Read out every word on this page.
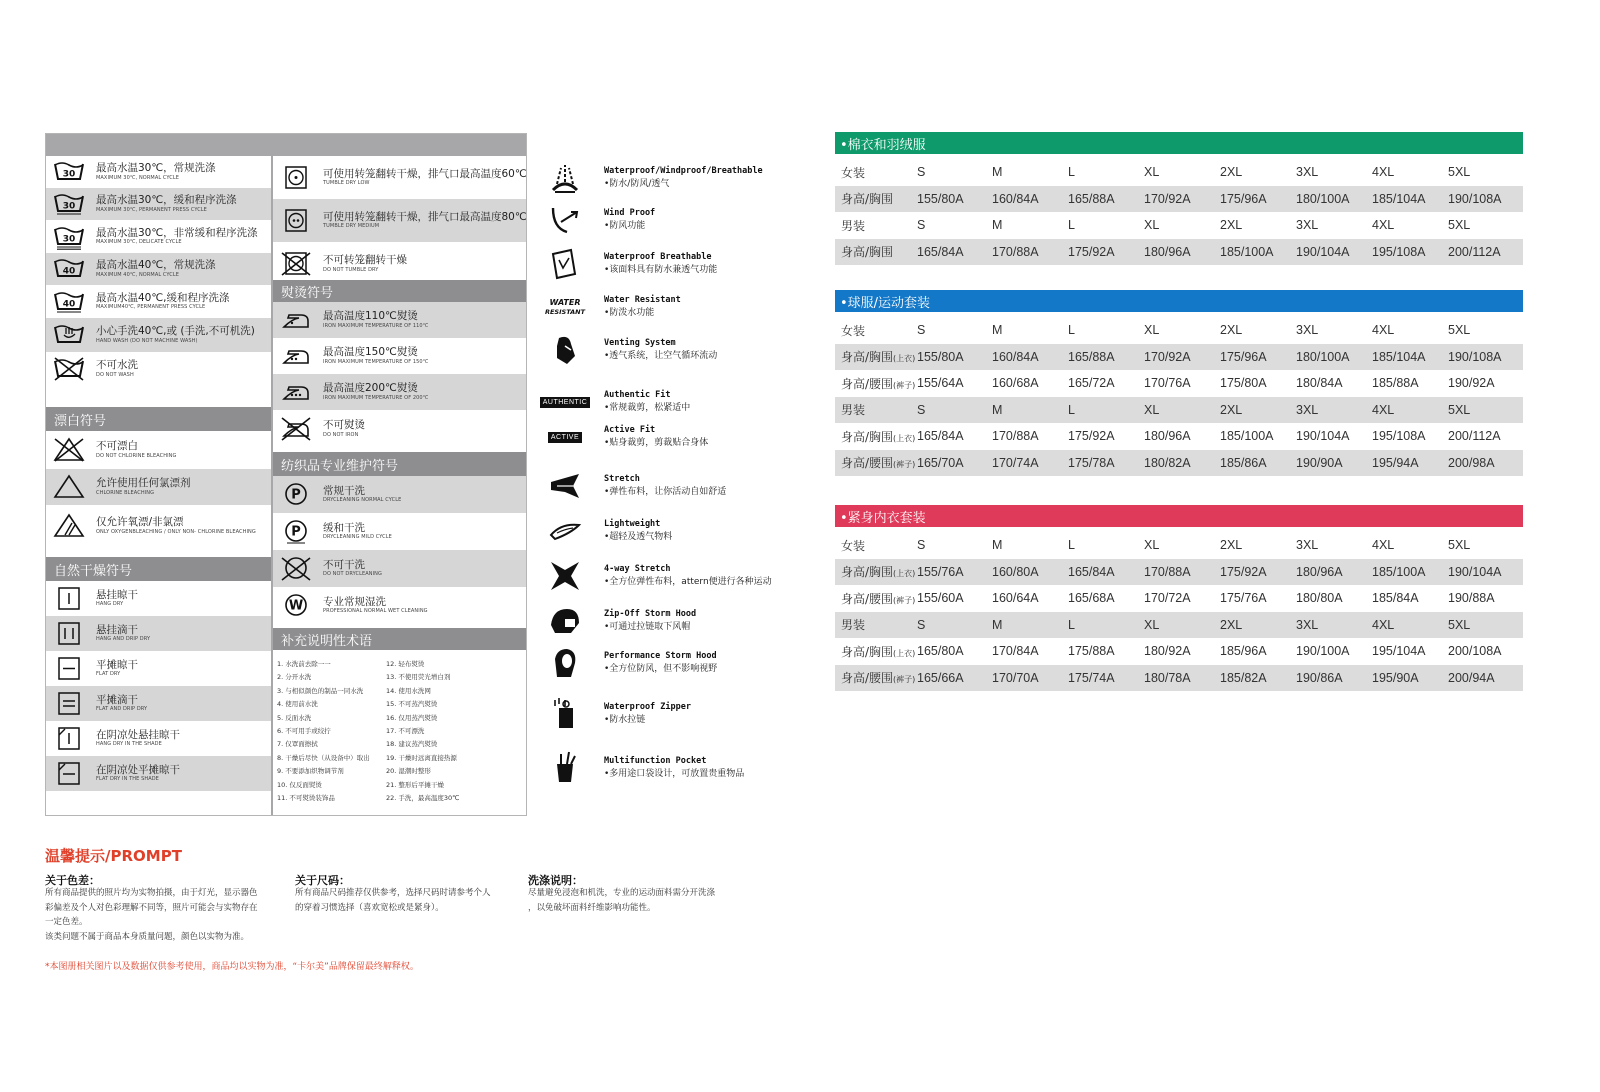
30
最高水温30℃，常规洗涤
MAXIMUM 30℃, NORMAL CYCLE
30
最高水温30℃，缓和程序洗涤
MAXIMUM 30℃, PERMANENT PRESS CYCLE
30
最高水温30℃，非常缓和程序洗涤
MAXIMUM 30℃, DELICATE CYCLE
40
最高水温40℃，常规洗涤
MAXIMUM 40℃, NORMAL CYCLE
40
最高水温40℃,缓和程序洗涤
MAXIMUM40℃, PERMANENT PRESS CYCLE
小心手洗40℃,或 (手洗,不可机洗)
HAND WASH (DO NOT MACHINE WASH)
不可水洗
DO NOT WASH
漂白符号
不可漂白
DO NOT CHLORINE BLEACHING
允许使用任何氯漂剂
CHLORINE BLEACHING
仅允许氧漂/非氯漂
ONLY OXYGENBLEACHING / ONLY NON- CHLORINE BLEACHING
自然干燥符号
悬挂晾干
HANG DRY
悬挂滴干
HANG AND DRIP DRY
平摊晾干
FLAT DRY
平摊滴干
FLAT AND DRIP DRY
在阴凉处悬挂晾干
HANG DRY IN THE SHADE
在阴凉处平摊晾干
FLAT DRY IN THE SHADE
可使用转笼翻转干燥，排气口最高温度60℃
TUMBLE DRY LOW
可使用转笼翻转干燥，排气口最高温度80℃
TUMBLE DRY MEDIUM
不可转笼翻转干燥
DO NOT TUMBLE DRY
熨烫符号
最高温度110℃熨烫
IRON MAXIMUM TEMPERATURE OF 110℃
最高温度150℃熨烫
IRON MAXIMUM TEMPERATURE OF 150℃
最高温度200℃熨烫
IRON MAXIMUM TEMPERATURE OF 200℃
不可熨烫
DO NOT IRON
纺织品专业维护符号
P 常规干洗
DRYCLEANING NORMAL CYCLE
P 缓和干洗
DRYCLEANING MILD CYCLE
不可干洗
DO NOT DRYCLEANING
W 专业常规湿洗
PROFESSIONAL NORMAL WET CLEANING
补充说明性术语
1. 水洗前去除一一
2. 分开水洗
3. 与相似颜色的制品一同水洗
4. 使用前水洗
5. 反面水洗
6. 不可用手或绞拧
7. 仅罩面擦拭
8. 干燥后尽快（从设备中）取出
9. 不要添加织物调节剂
10. 仅反面熨烫
11. 不可熨烫装饰品
12. 轻布熨烫
13. 不使用荧光增白剂
14. 使用水洗网
15. 不可蒸汽熨烫
16. 仅用蒸汽熨烫
17. 不可漂洗
18. 建议蒸汽熨烫
19. 干燥时远离直接热源
20. 湿潮时整形
21. 整形后平摊干燥
22. 手洗，最高温度30℃
Waterproof/Windproof/Breathable
•防水/防风/透气
Wind Proof
•防风功能
Waterproof Breathable
•该面料具有防水兼透气功能
WATER
RESISTANT
Water Resistant
•防泼水功能
Venting System
•透气系统，让空气循环流动
AUTHENTIC
Authentic Fit
•常规裁剪，松紧适中
ACTIVE
Active Fit
•贴身裁剪，剪裁贴合身体
Stretch
•弹性布料，让你活动自如舒适
Lightweight
•超轻及透气物料
4-way Stretch
•全方位弹性布料，attern便进行各种运动
Zip-Off Storm Hood
•可通过拉链取下风帽
Performance Storm Hood
•全方位防风，但不影响视野
Waterproof Zipper
•防水拉链
Multifunction Pocket
•多用途口袋设计，可放置贵重物品
•棉衣和羽绒服
女装	S	M	L	XL	2XL	3XL	4XL	5XL
身高/胸围	155/80A	160/84A	165/88A	170/92A	175/96A	180/100A	185/104A	190/108A
男装	S	M	L	XL	2XL	3XL	4XL	5XL
身高/胸围	165/84A	170/88A	175/92A	180/96A	185/100A	190/104A	195/108A	200/112A
•球服/运动套装
女装	S	M	L	XL	2XL	3XL	4XL	5XL
身高/胸围(上衣)	155/80A	160/84A	165/88A	170/92A	175/96A	180/100A	185/104A	190/108A
身高/腰围(裤子)	155/64A	160/68A	165/72A	170/76A	175/80A	180/84A	185/88A	190/92A
男装	S	M	L	XL	2XL	3XL	4XL	5XL
身高/胸围(上衣)	165/84A	170/88A	175/92A	180/96A	185/100A	190/104A	195/108A	200/112A
身高/腰围(裤子)	165/70A	170/74A	175/78A	180/82A	185/86A	190/90A	195/94A	200/98A
•紧身内衣套装
女装	S	M	L	XL	2XL	3XL	4XL	5XL
身高/胸围(上衣)	155/76A	160/80A	165/84A	170/88A	175/92A	180/96A	185/100A	190/104A
身高/腰围(裤子)	155/60A	160/64A	165/68A	170/72A	175/76A	180/80A	185/84A	190/88A
男装	S	M	L	XL	2XL	3XL	4XL	5XL
身高/胸围(上衣)	165/80A	170/84A	175/88A	180/92A	185/96A	190/100A	195/104A	200/108A
身高/腰围(裤子)	165/66A	170/70A	175/74A	180/78A	185/82A	190/86A	195/90A	200/94A
温馨提示/PROMPT
关于色差：
所有商品提供的照片均为实物拍摄，由于灯光，显示器色
彩偏差及个人对色彩理解不同等，照片可能会与实物存在
一定色差。
该类问题不属于商品本身质量问题，颜色以实物为准。
关于尺码：
所有商品尺码推荐仅供参考，选择尺码时请参考个人
的穿着习惯选择（喜欢宽松或是紧身）。
洗涤说明：
尽量避免浸泡和机洗，专业的运动面料需分开洗涤
，以免破坏面料纤维影响功能性。
*本图册相关图片以及数据仅供参考使用，商品均以实物为准，“卡尔美”品牌保留最终解释权。
